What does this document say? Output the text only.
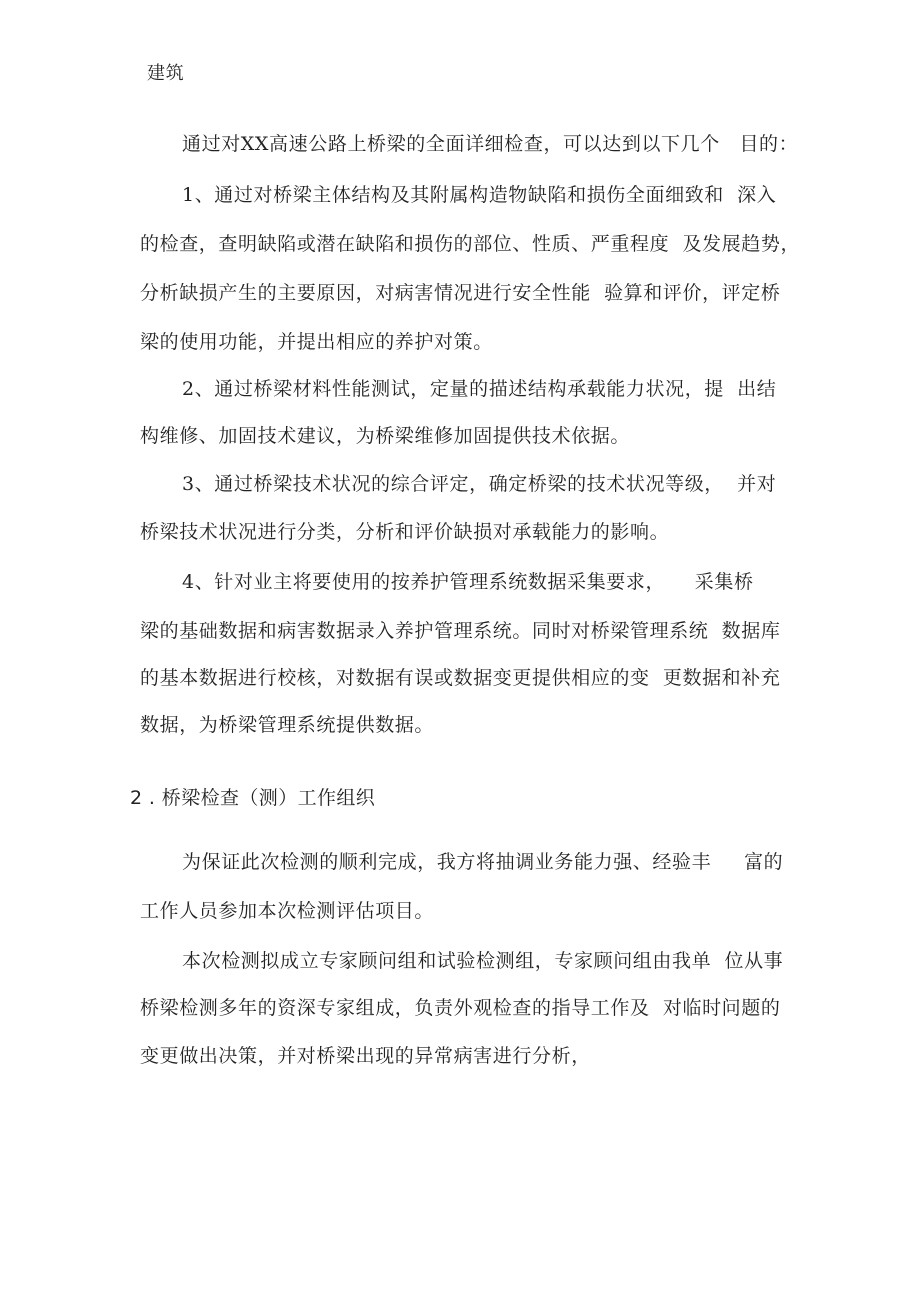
建筑
通过对XX高速公路上桥梁的全面详细检查，可以达到以下几个　目的：
1、通过对桥梁主体结构及其附属构造物缺陷和损伤全面细致和  深入
的检查，查明缺陷或潜在缺陷和损伤的部位、性质、严重程度  及发展趋势，
分析缺损产生的主要原因，对病害情况进行安全性能  验算和评价，评定桥
梁的使用功能，并提出相应的养护对策。
2、通过桥梁材料性能测试，定量的描述结构承载能力状况，提  出结
构维修、加固技术建议，为桥梁维修加固提供技术依据。
3、通过桥梁技术状况的综合评定，确定桥梁的技术状况等级，  并对
桥梁技术状况进行分类，分析和评价缺损对承载能力的影响。
4、针对业主将要使用的按养护管理系统数据采集要求，　　采集桥
梁的基础数据和病害数据录入养护管理系统。同时对桥梁管理系统  数据库
的基本数据进行校核，对数据有误或数据变更提供相应的变  更数据和补充
数据，为桥梁管理系统提供数据。
2 . 桥梁检查（测）工作组织
为保证此次检测的顺利完成，我方将抽调业务能力强、经验丰　  富的
工作人员参加本次检测评估项目。
本次检测拟成立专家顾问组和试验检测组，专家顾问组由我单  位从事
桥梁检测多年的资深专家组成，负责外观检查的指导工作及  对临时问题的
变更做出决策，并对桥梁出现的异常病害进行分析，
